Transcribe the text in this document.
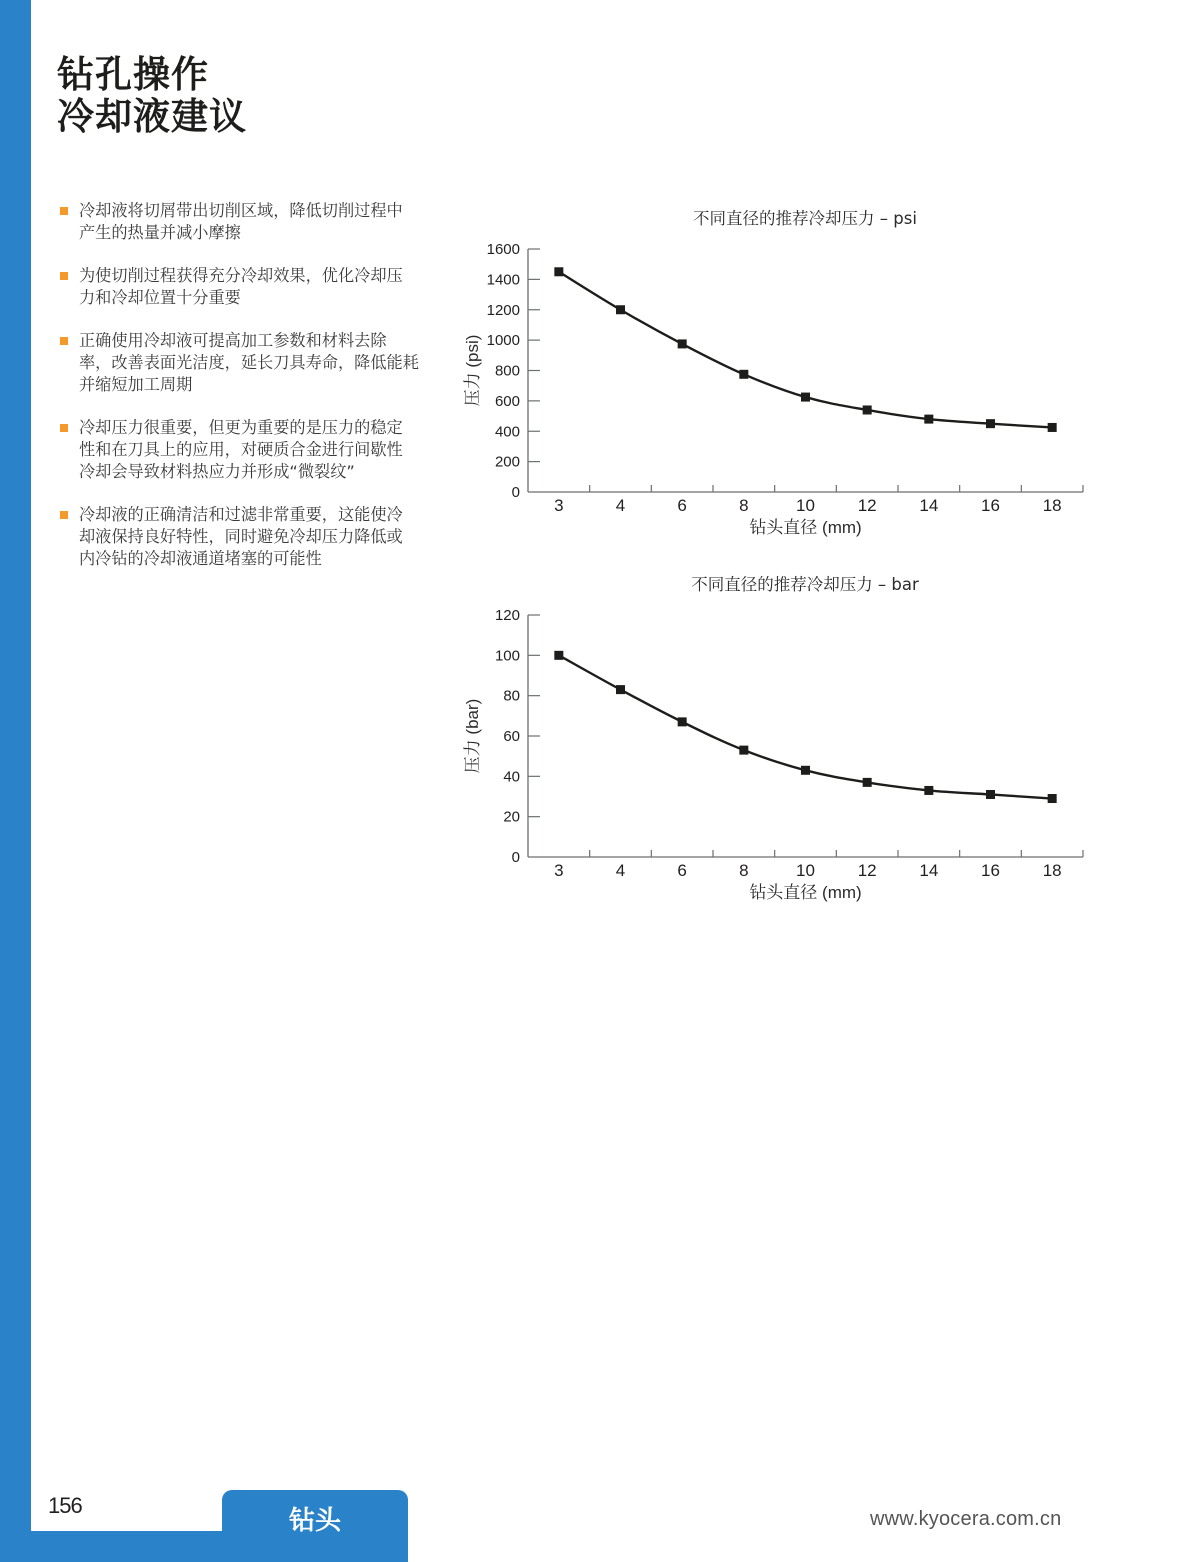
钻孔操作
冷却液建议
冷却液将切屑带出切削区域，降低切削过程中
产生的热量并减小摩擦
为使切削过程获得充分冷却效果，优化冷却压
力和冷却位置十分重要
正确使用冷却液可提高加工参数和材料去除
率，改善表面光洁度，延长刀具寿命，降低能耗
并缩短加工周期
冷却压力很重要，但更为重要的是压力的稳定
性和在刀具上的应用，对硬质合金进行间歇性
冷却会导致材料热应力并形成“微裂纹”
冷却液的正确清洁和过滤非常重要，这能使冷
却液保持良好特性，同时避免冷却压力降低或
内冷钻的冷却液通道堵塞的可能性
不同直径的推荐冷却压力 – psi
0
200
400
600
800
1000
1200
1400
1600
3	4	6	8	10	12	14	16	18
钻头直径 (mm)
压力 (psi)
不同直径的推荐冷却压力 – bar
0
20
40
60
80
100
120
3	4	6	8	10	12	14	16	18
钻头直径 (mm)
压力 (bar)
156
钻头	www.kyocera.com.cn
